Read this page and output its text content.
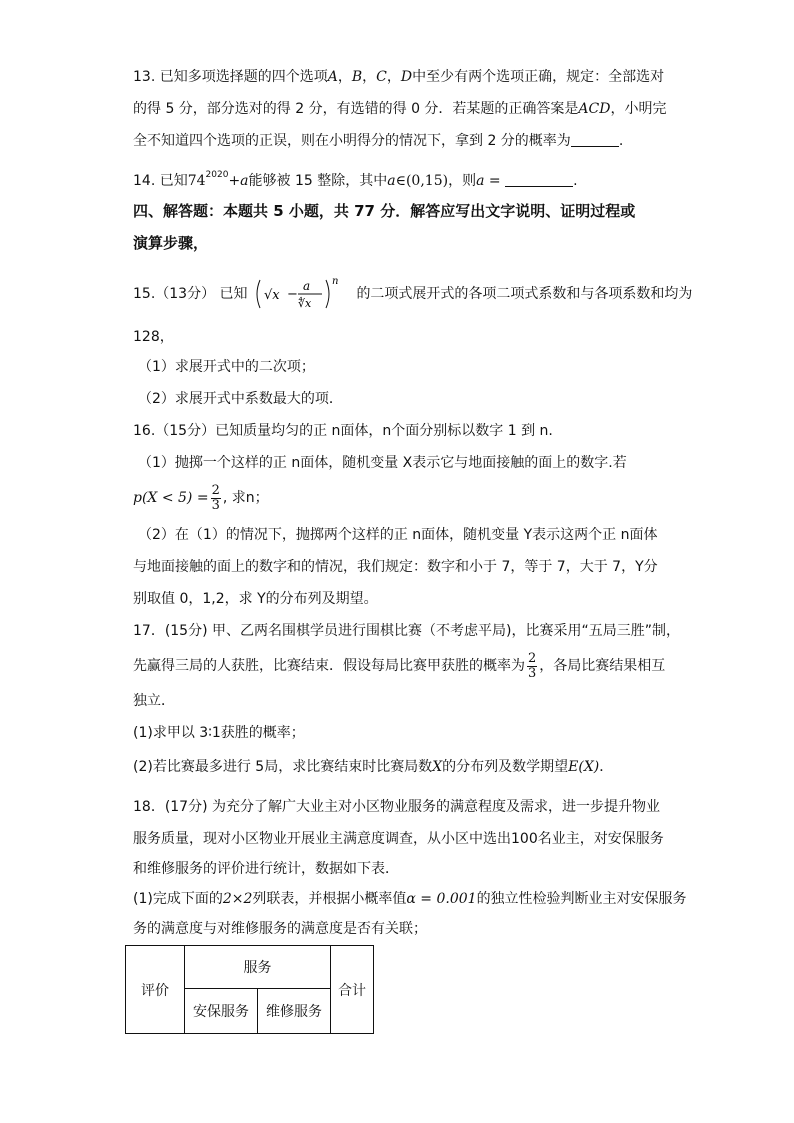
13. 已知多项选择题的四个选项A，B，C，D中至少有两个选项正确，规定：全部选对
的得 5 分，部分选对的得 2 分，有选错的得 0 分．若某题的正确答案是ACD，小明完
全不知道四个选项的正误，则在小明得分的情况下，拿到 2 分的概率为	.
14. 已知$74^{2020}+a$能够被 15 整除，其中a∈(0,15)，则a =	.
四、解答题：本题共 5 小题，共 77 分．解答应写出文字说明、证明过程或
演算步骤，
15.（13分） 已知 √x −
a
∜x
n
的二项式展开式的各项二项式系数和与各项系数和均为
128，
（1）求展开式中的二次项；
（2）求展开式中系数最大的项．
16.（15分）已知质量均匀的正 n面体，n个面分别标以数字 1 到 n.
（1）抛掷一个这样的正 n面体，随机变量 X表示它与地面接触的面上的数字.若
$p(X < 5) = \frac{2}{3}$ , 求n；
（2）在（1）的情况下，抛掷两个这样的正 n面体，随机变量 Y表示这两个正 n面体
与地面接触的面上的数字和的情况，我们规定：数字和小于 7，等于 7，大于 7，Y分
别取值 0，1,2，求 Y的分布列及期望。
17．(15分) 甲、乙两名围棋学员进行围棋比赛（不考虑平局)，比赛采用“五局三胜”制，
先赢得三局的人获胜，比赛结束．假设每局比赛甲获胜的概率为 $\frac{2}{3}$ ，各局比赛结果相互
独立．
(1)求甲以 3∶1获胜的概率；
(2)若比赛最多进行 5局，求比赛结束时比赛局数X的分布列及数学期望E(X)．
18．(17分) 为充分了解广大业主对小区物业服务的满意程度及需求，进一步提升物业
服务质量，现对小区物业开展业主满意度调查，从小区中选出100名业主，对安保服务
和维修服务的评价进行统计，数据如下表．
(1)完成下面的2×2列联表，并根据小概率值α = 0.001的独立性检验判断业主对安保服务
务的满意度与对维修服务的满意度是否有关联；
评价	服务		合计
	安保服务	维修服务	
